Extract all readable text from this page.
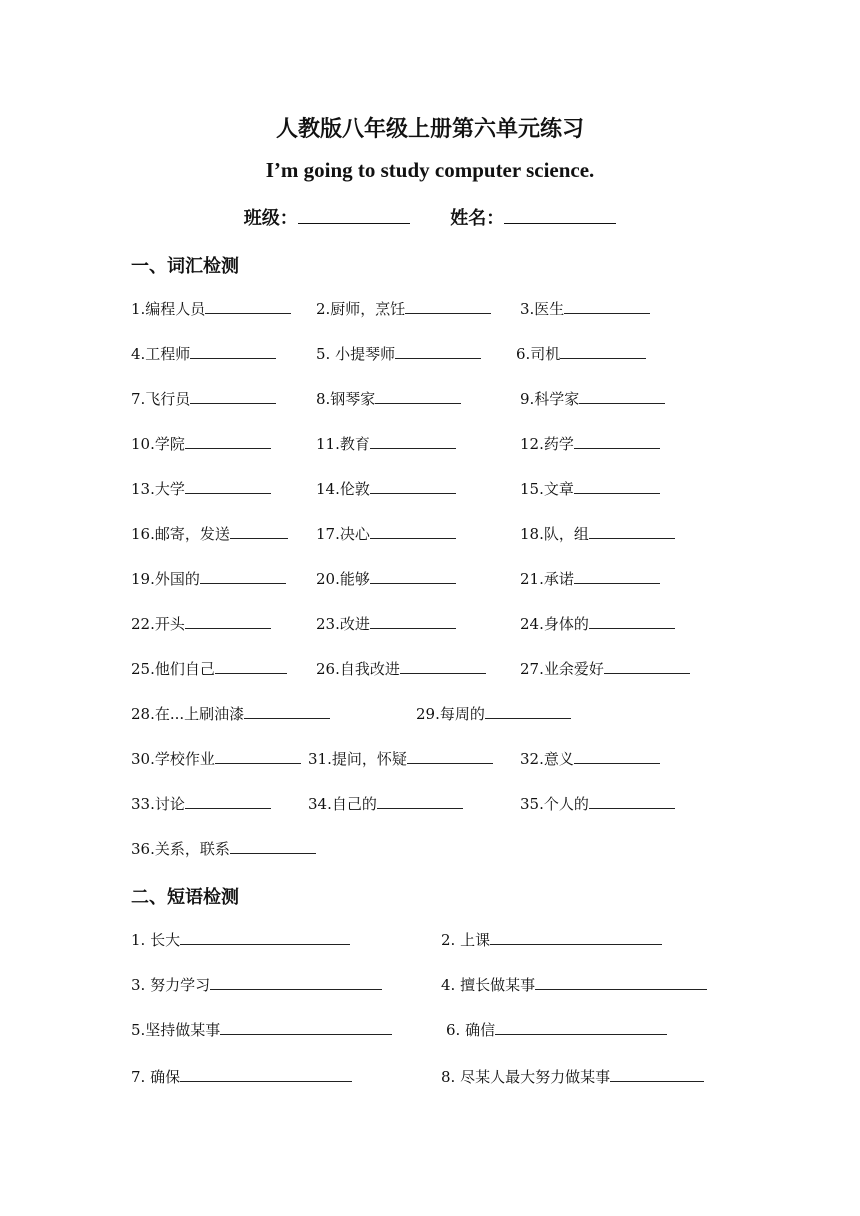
人教版八年级上册第六单元练习
I’m going to study computer science.
班级：	姓名：
一、词汇检测
1.编程人员	2.厨师，烹饪	3.医生
4.工程师	5. 小提琴师	6.司机
7.飞行员	8.钢琴家	9.科学家
10.学院	11.教育	12.药学
13.大学	14.伦敦	15.文章
16.邮寄，发送	17.决心	18.队，组
19.外国的	20.能够	21.承诺
22.开头	23.改进	24.身体的
25.他们自己	26.自我改进	27.业余爱好
28.在...上刷油漆	29.每周的
30.学校作业	31.提问，怀疑	32.意义
33.讨论	34.自己的	35.个人的
36.关系，联系
二、短语检测
1. 长大	2. 上课
3. 努力学习	4. 擅长做某事
5.坚持做某事	6. 确信
7. 确保	8. 尽某人最大努力做某事
